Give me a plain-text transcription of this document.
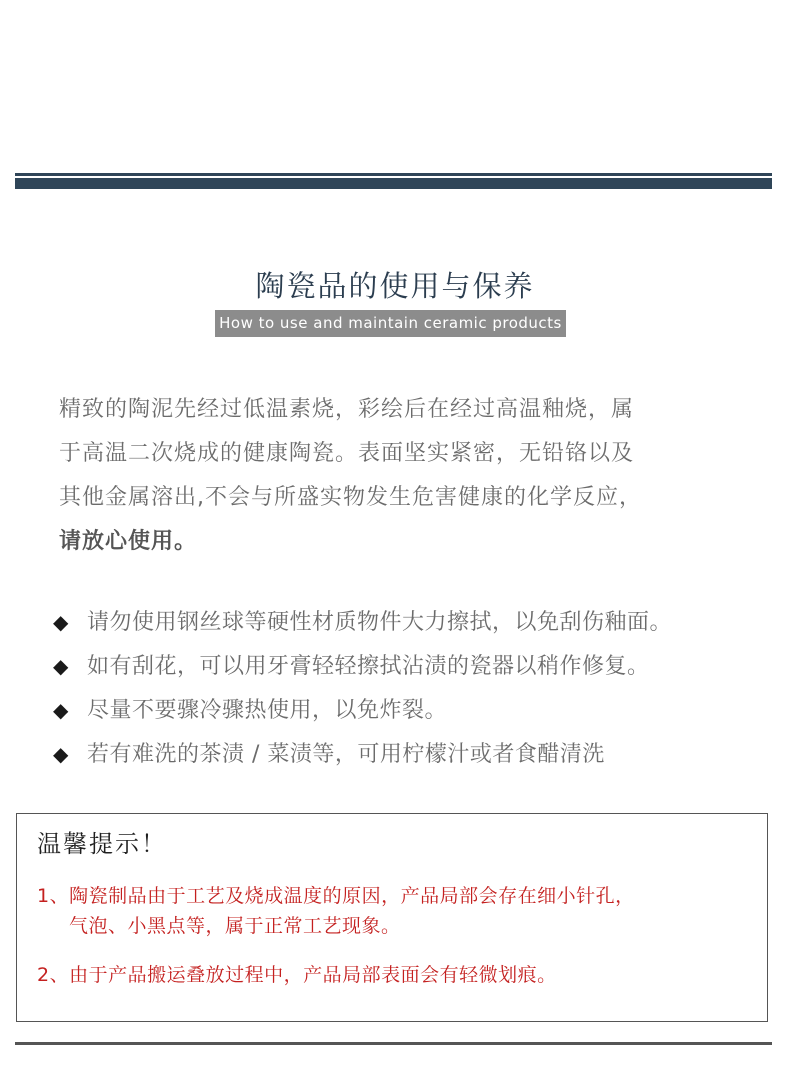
陶瓷品的使用与保养
How to use and maintain ceramic products
精致的陶泥先经过低温素烧，彩绘后在经过高温釉烧，属
于高温二次烧成的健康陶瓷。表面坚实紧密，无铅铬以及
其他金属溶出,不会与所盛实物发生危害健康的化学反应，
请放心使用。
◆ 请勿使用钢丝球等硬性材质物件大力擦拭，以免刮伤釉面。
◆ 如有刮花，可以用牙膏轻轻擦拭沾渍的瓷器以稍作修复。
◆ 尽量不要骤冷骤热使用，以免炸裂。
◆ 若有难洗的茶渍 / 菜渍等，可用柠檬汁或者食醋清洗
温馨提示！
1、陶瓷制品由于工艺及烧成温度的原因，产品局部会存在细小针孔，
气泡、小黑点等，属于正常工艺现象。
2、由于产品搬运叠放过程中，产品局部表面会有轻微划痕。
